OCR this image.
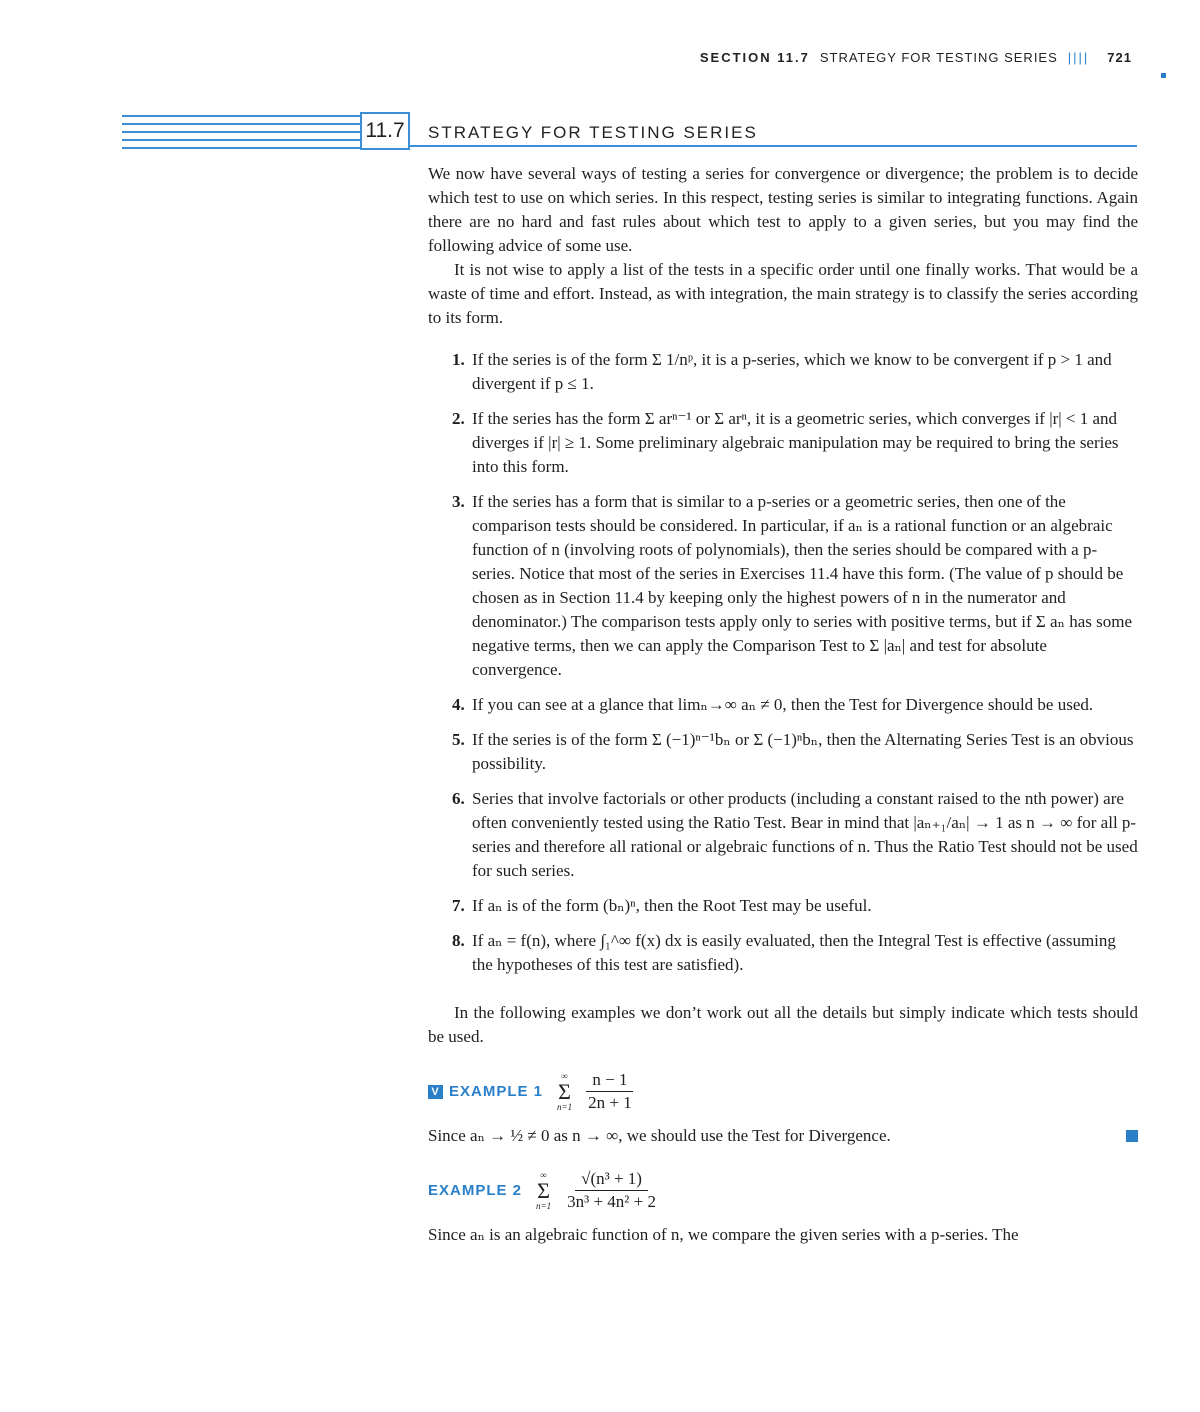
SECTION 11.7 STRATEGY FOR TESTING SERIES |||| 721
11.7	STRATEGY FOR TESTING SERIES

We now have several ways of testing a series for convergence or divergence; the problem is to decide which test to use on which series. In this respect, testing series is similar to integrating functions. Again there are no hard and fast rules about which test to apply to a given series, but you may find the following advice of some use.

It is not wise to apply a list of the tests in a specific order until one finally works. That would be a waste of time and effort. Instead, as with integration, the main strategy is to classify the series according to its form.

1. If the series is of the form Σ 1/nᵖ, it is a p-series, which we know to be convergent if p > 1 and divergent if p ≤ 1.
2. If the series has the form Σ arⁿ⁻¹ or Σ arⁿ, it is a geometric series, which converges if |r| < 1 and diverges if |r| ≥ 1. Some preliminary algebraic manipulation may be required to bring the series into this form.
3. If the series has a form that is similar to a p-series or a geometric series, then one of the comparison tests should be considered. In particular, if aₙ is a rational function or an algebraic function of n (involving roots of polynomials), then the series should be compared with a p-series. Notice that most of the series in Exercises 11.4 have this form. (The value of p should be chosen as in Section 11.4 by keeping only the highest powers of n in the numerator and denominator.) The comparison tests apply only to series with positive terms, but if Σ aₙ has some negative terms, then we can apply the Comparison Test to Σ |aₙ| and test for absolute convergence.
4. If you can see at a glance that limₙ→∞ aₙ ≠ 0, then the Test for Divergence should be used.
5. If the series is of the form Σ (−1)ⁿ⁻¹bₙ or Σ (−1)ⁿbₙ, then the Alternating Series Test is an obvious possibility.
6. Series that involve factorials or other products (including a constant raised to the nth power) are often conveniently tested using the Ratio Test. Bear in mind that |aₙ₊₁/aₙ| → 1 as n → ∞ for all p-series and therefore all rational or algebraic functions of n. Thus the Ratio Test should not be used for such series.
7. If aₙ is of the form (bₙ)ⁿ, then the Root Test may be useful.
8. If aₙ = f(n), where ∫₁^∞ f(x) dx is easily evaluated, then the Integral Test is effective (assuming the hypotheses of this test are satisfied).

In the following examples we don’t work out all the details but simply indicate which tests should be used.

V EXAMPLE 1
∞
Σ
$n=1 \frac{n - 1}{2n + 1}$

Since aₙ → ½ ≠ 0 as n → ∞, we should use the Test for Divergence.

EXAMPLE 2
∞
Σ
$n=1 \frac{\text{√(n³ + 1)}}{\text{3n³ + 4n² + 2}}$

Since aₙ is an algebraic function of n, we compare the given series with a p-series. The
